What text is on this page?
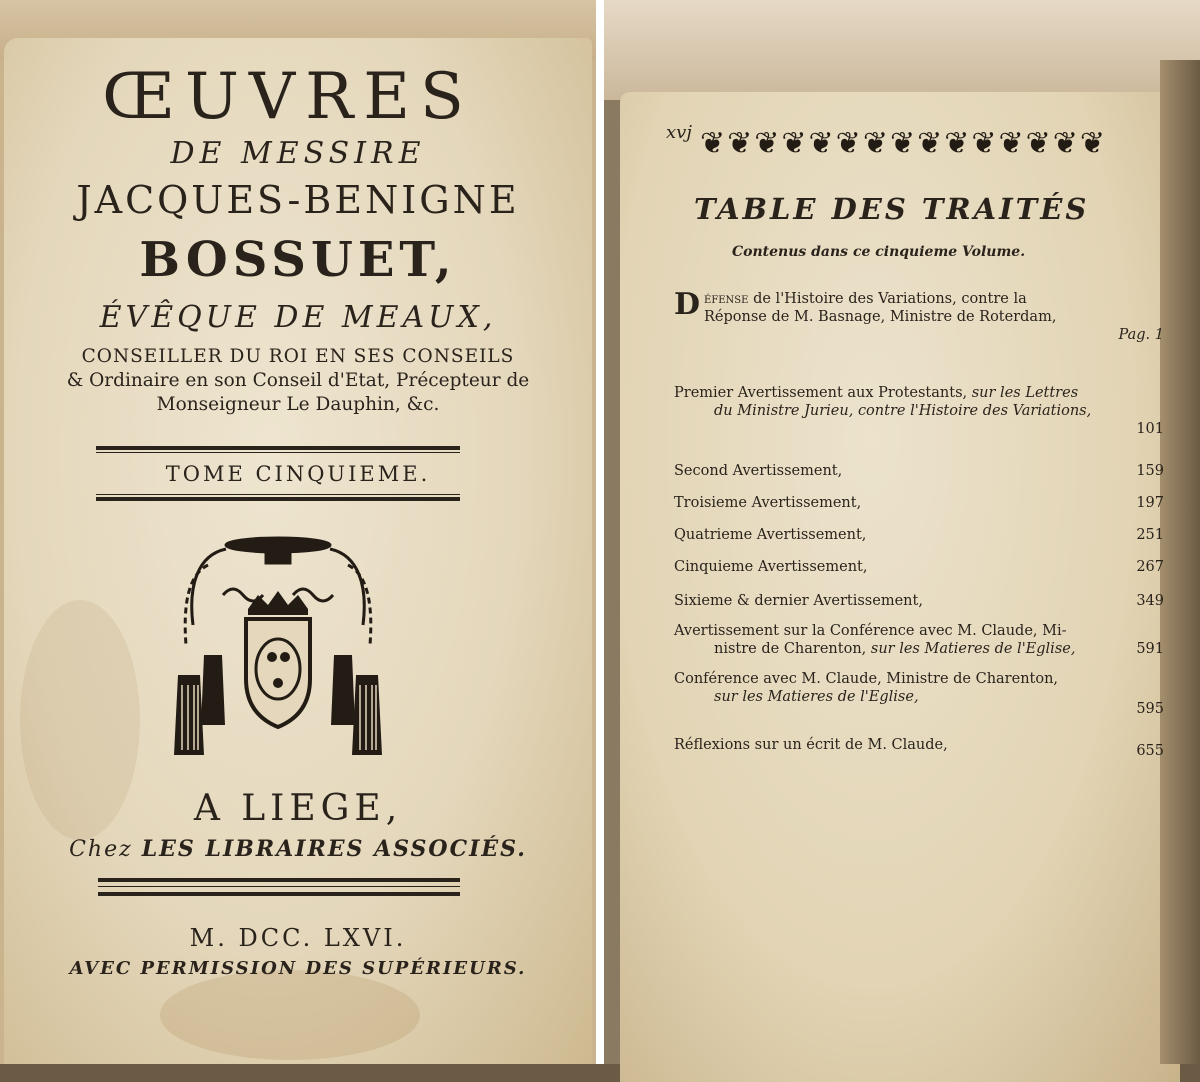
ŒUVRES
DE MESSIRE
JACQUES-BENIGNE
BOSSUET,
ÉVÊQUE DE MEAUX,
CONSEILLER DU ROI EN SES CONSEILS
& Ordinaire en son Conseil d'Etat, Précepteur de
Monseigneur Le Dauphin, &c.
TOME CINQUIEME.
A LIEGE,
Chez LES LIBRAIRES ASSOCIÉS.
M. DCC. LXVI.
AVEC PERMISSION DES SUPÉRIEURS.
xvj ❦❦❦❦❦❦❦❦❦❦❦❦❦❦❦
TABLE DES TRAITÉS
Contenus dans ce cinquieme Volume.
D éfense de l'Histoire des Variations, contre la
Réponse de M. Basnage, Ministre de Roterdam,

Pag. 1
Premier Avertissement aux Protestants, sur les Lettres
du Ministre Jurieu, contre l'Histoire des Variations,

101
Second Avertissement,	159
Troisieme Avertissement,	197
Quatrieme Avertissement,	251
Cinquieme Avertissement,	267
Sixieme & dernier Avertissement,	349
Avertissement sur la Conférence avec M. Claude, Mi-
nistre de Charenton, sur les Matieres de l'Eglise,	591
Conférence avec M. Claude, Ministre de Charenton,
sur les Matieres de l'Eglise,
595
Réflexions sur un écrit de M. Claude,	655
